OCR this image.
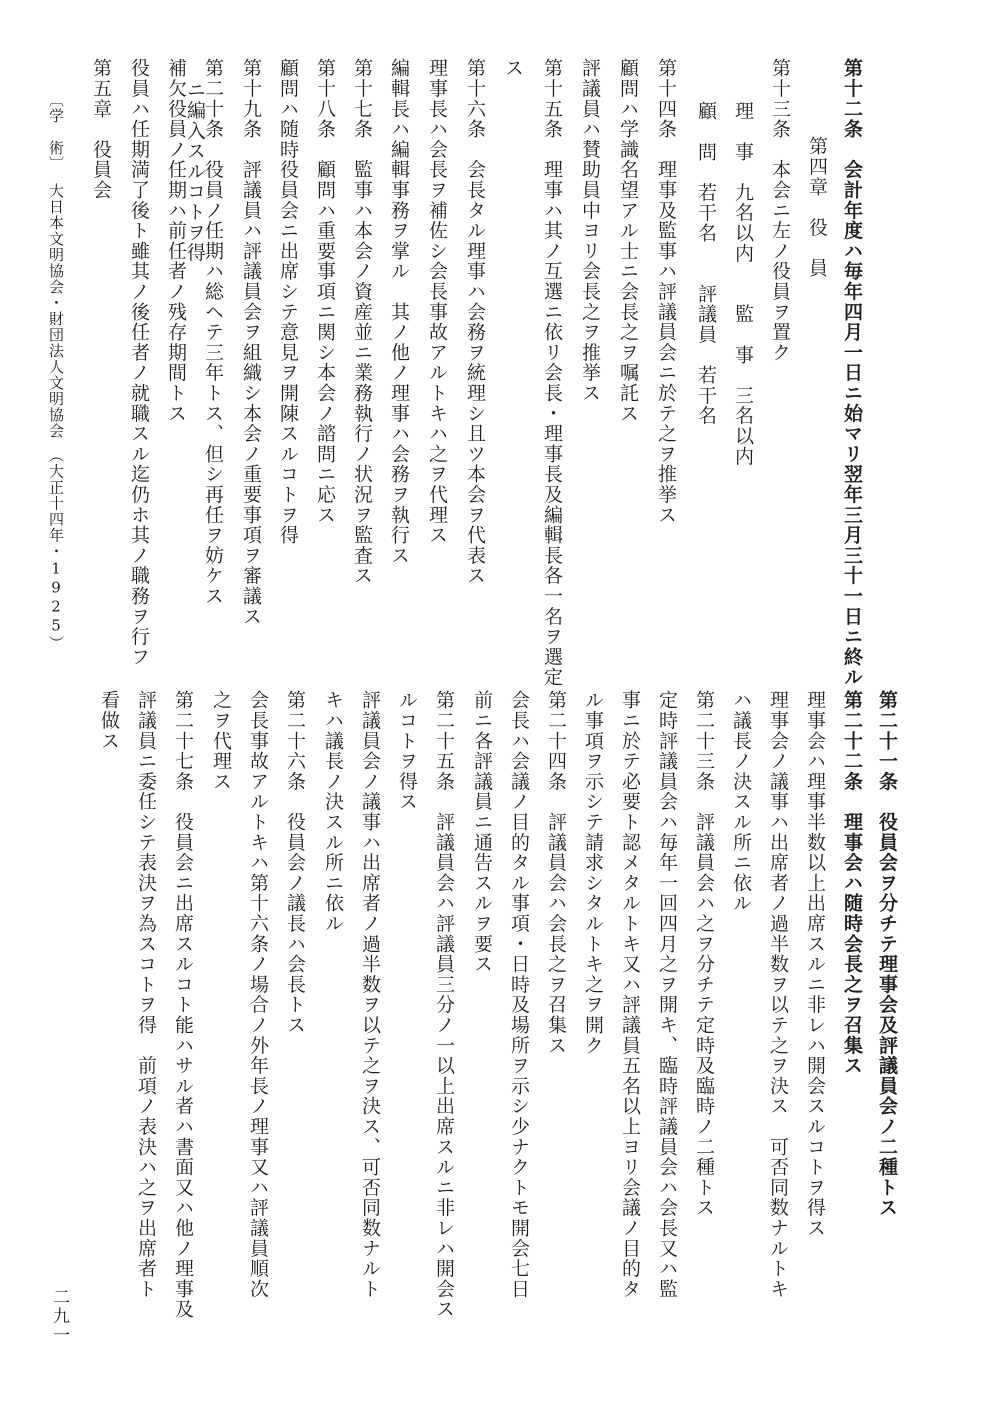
ニ編入スルコトヲ得	第十二条　会計年度ハ毎年四月一日ニ始マリ翌年三月三十一日ニ終ル
第四章　役　員
第十三条　本会ニ左ノ役員ヲ置ク
理　事　九名以内　　監　事　三名以内
顧　問　若干名　　評議員　若干名
第十四条　理事及監事ハ評議員会ニ於テ之ヲ推挙ス
顧問ハ学識名望アル士ニ会長之ヲ嘱託ス
評議員ハ賛助員中ヨリ会長之ヲ推挙ス
第十五条　理事ハ其ノ互選ニ依リ会長・理事長及編輯長各一名ヲ選定
ス
第十六条　会長タル理事ハ会務ヲ統理シ且ツ本会ヲ代表ス
理事長ハ会長ヲ補佐シ会長事故アルトキハ之ヲ代理ス
編輯長ハ編輯事務ヲ掌ル　其ノ他ノ理事ハ会務ヲ執行ス
第十七条　監事ハ本会ノ資産並ニ業務執行ノ状況ヲ監査ス
第十八条　顧問ハ重要事項ニ関シ本会ノ諮問ニ応ス
顧問ハ随時役員会ニ出席シテ意見ヲ開陳スルコトヲ得
第十九条　評議員ハ評議員会ヲ組織シ本会ノ重要事項ヲ審議ス
第二十条　役員ノ任期ハ総ヘテ三年トス、但シ再任ヲ妨ケス
補欠役員ノ任期ハ前任者ノ残存期間トス
役員ハ任期満了後ト雖其ノ後任者ノ就職スル迄仍ホ其ノ職務ヲ行フ
第五章　役員会
第二十一条　役員会ヲ分チテ理事会及評議員会ノ二種トス
第二十二条　理事会ハ随時会長之ヲ召集ス
理事会ハ理事半数以上出席スルニ非レハ開会スルコトヲ得ス
理事会ノ議事ハ出席者ノ過半数ヲ以テ之ヲ決ス　可否同数ナルトキ
ハ議長ノ決スル所ニ依ル
第二十三条　評議員会ハ之ヲ分チテ定時及臨時ノ二種トス
定時評議員会ハ毎年一回四月之ヲ開キ、臨時評議員会ハ会長又ハ監
事ニ於テ必要ト認メタルトキ又ハ評議員五名以上ヨリ会議ノ目的タ
ル事項ヲ示シテ請求シタルトキ之ヲ開ク
第二十四条　評議員会ハ会長之ヲ召集ス
会長ハ会議ノ目的タル事項・日時及場所ヲ示シ少ナクトモ開会七日
前ニ各評議員ニ通告スルヲ要ス
第二十五条　評議員会ハ評議員三分ノ一以上出席スルニ非レハ開会ス
ルコトヲ得ス
評議員会ノ議事ハ出席者ノ過半数ヲ以テ之ヲ決ス、可否同数ナルト
キハ議長ノ決スル所ニ依ル
第二十六条　役員会ノ議長ハ会長トス
会長事故アルトキハ第十六条ノ場合ノ外年長ノ理事又ハ評議員順次
之ヲ代理ス
第二十七条　役員会ニ出席スルコト能ハサル者ハ書面又ハ他ノ理事及
評議員ニ委任シテ表決ヲ為スコトヲ得　前項ノ表決ハ之ヲ出席者ト
看做ス
〔学　術〕
大日本文明協会・財団法人文明協会　（大正十四年・1925）
二九一
